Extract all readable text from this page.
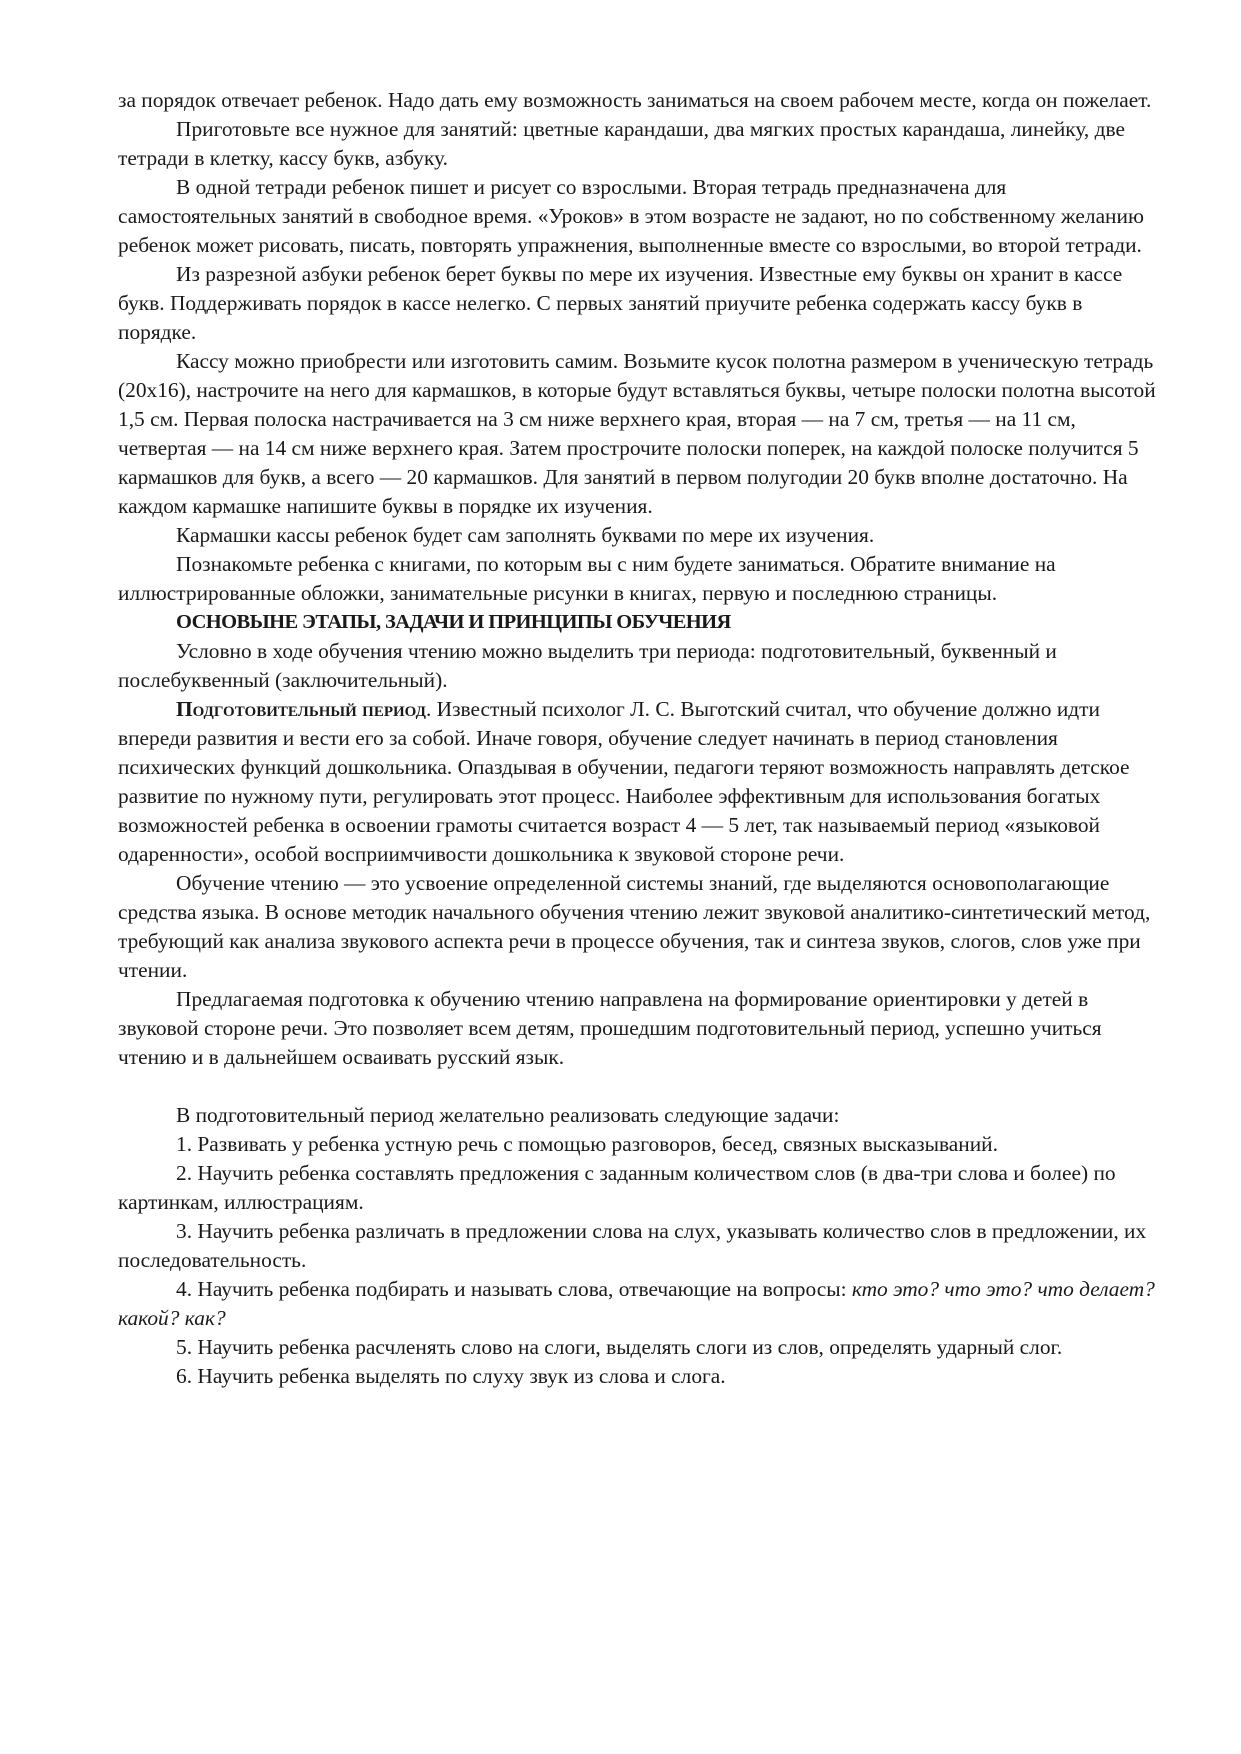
за порядок отвечает ребенок. Надо дать ему возможность заниматься на своем рабочем месте, когда он пожелает.

Приготовьте все нужное для занятий: цветные карандаши, два мягких простых карандаша, линейку, две тетради в клетку, кассу букв, азбуку.

В одной тетради ребенок пишет и рисует со взрослыми. Вторая тетрадь предназначена для самостоятельных занятий в свободное время. «Уроков» в этом возрасте не задают, но по собственному желанию ребенок может рисовать, писать, повторять упражнения, выполненные вместе со взрослыми, во второй тетради.

Из разрезной азбуки ребенок берет буквы по мере их изучения. Известные ему буквы он хранит в кассе букв. Поддерживать порядок в кассе нелегко. С первых занятий приучите ребенка содержать кассу букв в порядке.

Кассу можно приобрести или изготовить самим. Возьмите кусок полотна размером в ученическую тетрадь (20x16), настрочите на него для кармашков, в которые будут вставляться буквы, четыре полоски полотна высотой 1,5 см. Первая полоска настрачивается на 3 см ниже верхнего края, вторая — на 7 см, третья — на 11 см, четвертая — на 14 см ниже верхнего края. Затем прострочите полоски поперек, на каждой полоске получится 5 кармашков для букв, а всего — 20 кармашков. Для занятий в первом полугодии 20 букв вполне достаточно. На каждом кармашке напишите буквы в порядке их изучения.

Кармашки кассы ребенок будет сам заполнять буквами по мере их изучения.

Познакомьте ребенка с книгами, по которым вы с ним будете заниматься. Обратите внимание на иллюстрированные обложки, занимательные рисунки в книгах, первую и последнюю страницы.

ОСНОВЫНЕ ЭТАПЫ, ЗАДАЧИ И ПРИНЦИПЫ ОБУЧЕНИЯ

Условно в ходе обучения чтению можно выделить три периода: подготовительный, буквенный и послебуквенный (заключительный).

Подготовительный период. Известный психолог Л. С. Выготский считал, что обучение должно идти впереди развития и вести его за собой. Иначе говоря, обучение следует начинать в период становления психических функций дошкольника. Опаздывая в обучении, педагоги теряют возможность направлять детское развитие по нужному пути, регулировать этот процесс. Наиболее эффективным для использования богатых возможностей ребенка в освоении грамоты считается возраст 4 — 5 лет, так называемый период «языковой одаренности», особой восприимчивости дошкольника к звуковой стороне речи.

Обучение чтению — это усвоение определенной системы знаний, где выделяются основополагающие средства языка. В основе методик начального обучения чтению лежит звуковой аналитико-синтетический метод, требующий как анализа звукового аспекта речи в процессе обучения, так и синтеза звуков, слогов, слов уже при чтении.

Предлагаемая подготовка к обучению чтению направлена на формирование ориентировки у детей в звуковой стороне речи. Это позволяет всем детям, прошедшим подготовительный период, успешно учиться чтению и в дальнейшем осваивать русский язык.

В подготовительный период желательно реализовать следующие задачи:

1. Развивать у ребенка устную речь с помощью разговоров, бесед, связных высказываний.

2. Научить ребенка составлять предложения с заданным количеством слов (в два-три слова и более) по картинкам, иллюстрациям.

3. Научить ребенка различать в предложении слова на слух, указывать количество слов в предложении, их последовательность.

4. Научить ребенка подбирать и называть слова, отвечающие на вопросы: кто это? что это? что делает? какой? как?

5. Научить ребенка расчленять слово на слоги, выделять слоги из слов, определять ударный слог.

6. Научить ребенка выделять по слуху звук из слова и слога.
